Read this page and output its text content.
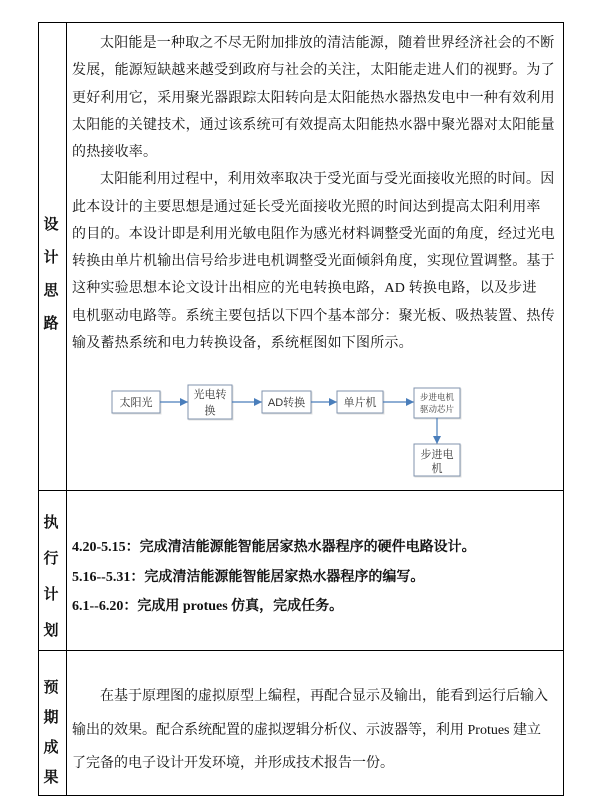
设
计
思
路
太阳能是一种取之不尽无附加排放的清洁能源，随着世界经济社会的不断
发展，能源短缺越来越受到政府与社会的关注，太阳能走进人们的视野。为了
更好利用它，采用聚光器跟踪太阳转向是太阳能热水器热发电中一种有效利用
太阳能的关键技术，通过该系统可有效提高太阳能热水器中聚光器对太阳能量
的热接收率。
太阳能利用过程中，利用效率取决于受光面与受光面接收光照的时间。因
此本设计的主要思想是通过延长受光面接收光照的时间达到提高太阳利用率
的目的。本设计即是利用光敏电阻作为感光材料调整受光面的角度，经过光电
转换由单片机输出信号给步进电机调整受光面倾斜角度，实现位置调整。基于
这种实验思想本论文设计出相应的光电转换电路，AD 转换电路，以及步进
电机驱动电路等。系统主要包括以下四个基本部分：聚光板、吸热装置、热传
输及蓄热系统和电力转换设备，系统框图如下图所示。
太阳光
光电转
换
AD转换	单片机	步进电机
驱动芯片
步进电
机
执
行
计
划
4.20-5.15：完成清洁能源能智能居家热水器程序的硬件电路设计。
5.16--5.31：完成清洁能源能智能居家热水器程序的编写。
6.1--6.20：完成用 protues 仿真，完成任务。
预
期
成
果
在基于原理图的虚拟原型上编程，再配合显示及输出，能看到运行后输入
输出的效果。配合系统配置的虚拟逻辑分析仪、示波器等，利用 Protues 建立
了完备的电子设计开发环境，并形成技术报告一份。
